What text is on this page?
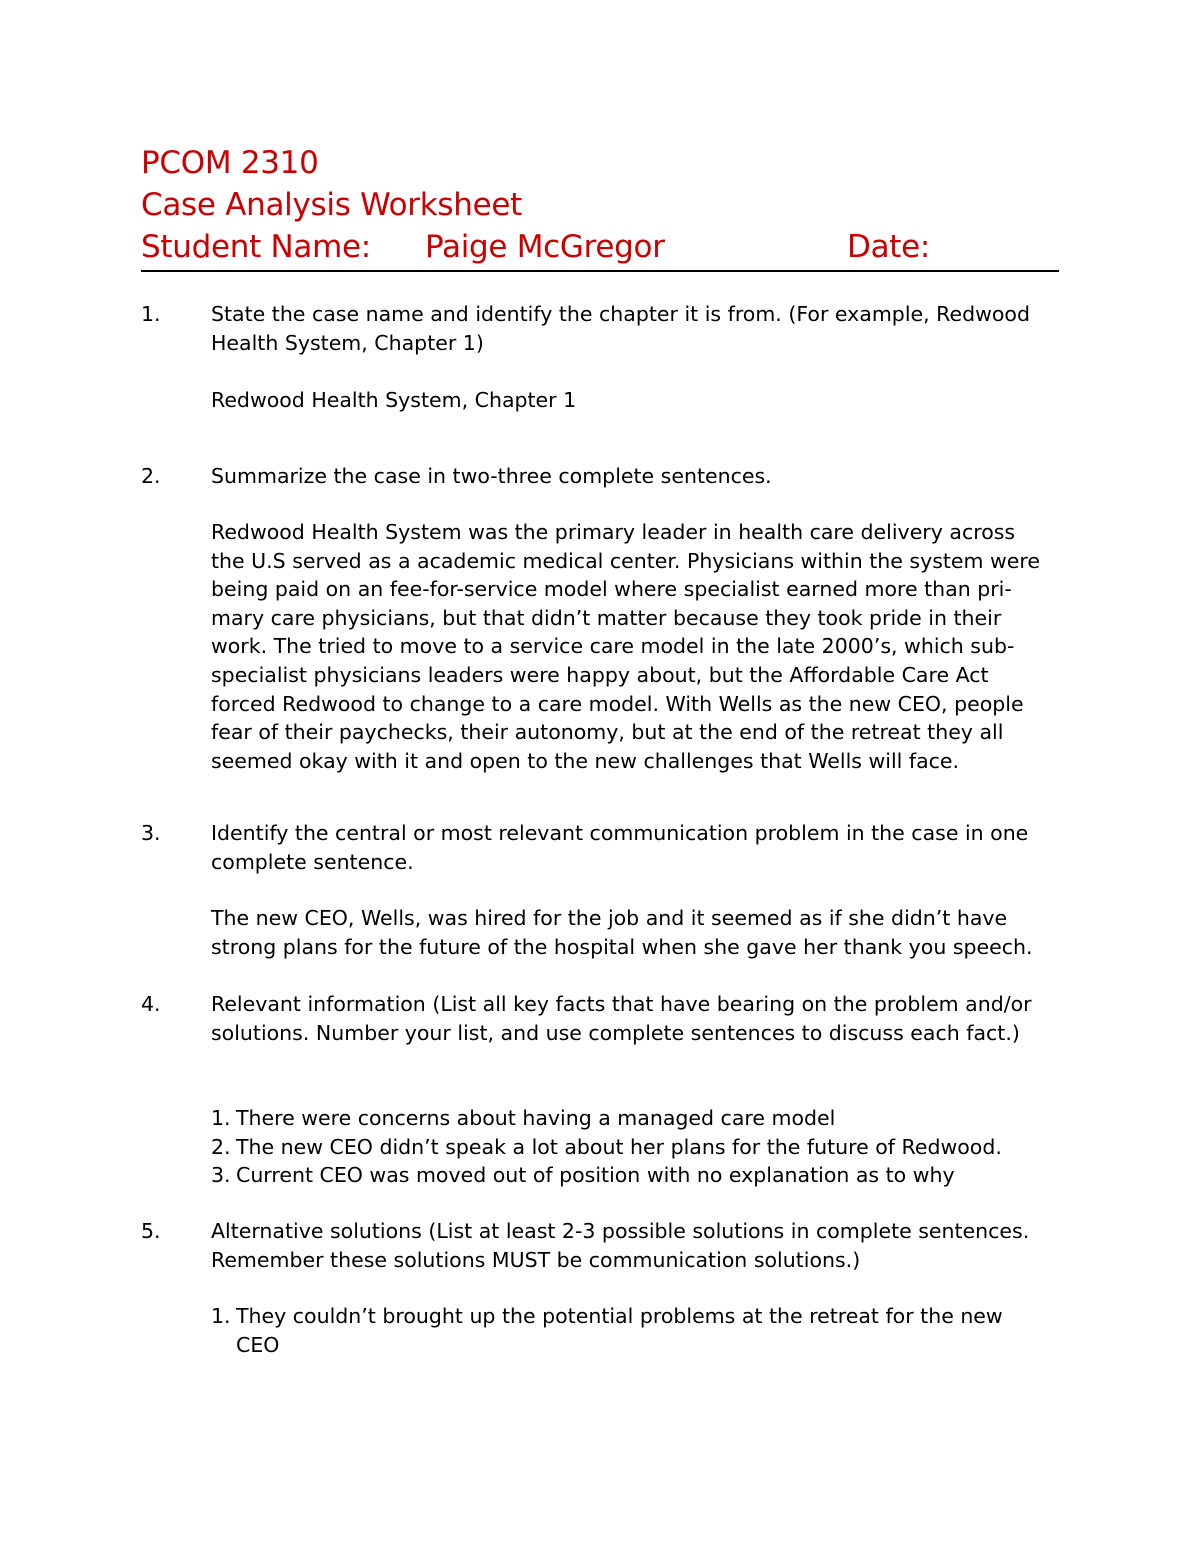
PCOM 2310
Case Analysis Worksheet
Student Name: Paige McGregor	Date:
1. State the case name and identify the chapter it is from. (For example, Redwood
Health System, Chapter 1)
Redwood Health System, Chapter 1
2. Summarize the case in two-three complete sentences.
Redwood Health System was the primary leader in health care delivery across
the U.S served as a academic medical center. Physicians within the system were
being paid on an fee-for-service model where specialist earned more than pri-
mary care physicians, but that didn’t matter because they took pride in their
work. The tried to move to a service care model in the late 2000’s, which sub-
specialist physicians leaders were happy about, but the Affordable Care Act
forced Redwood to change to a care model. With Wells as the new CEO, people
fear of their paychecks, their autonomy, but at the end of the retreat they all
seemed okay with it and open to the new challenges that Wells will face.
3. Identify the central or most relevant communication problem in the case in one
complete sentence.
The new CEO, Wells, was hired for the job and it seemed as if she didn’t have
strong plans for the future of the hospital when she gave her thank you speech.
4. Relevant information (List all key facts that have bearing on the problem and/or
solutions. Number your list, and use complete sentences to discuss each fact.)
1. There were concerns about having a managed care model
2. The new CEO didn’t speak a lot about her plans for the future of Redwood.
3. Current CEO was moved out of position with no explanation as to why
5. Alternative solutions (List at least 2-3 possible solutions in complete sentences.
Remember these solutions MUST be communication solutions.)
1. They couldn’t brought up the potential problems at the retreat for the new
CEO
